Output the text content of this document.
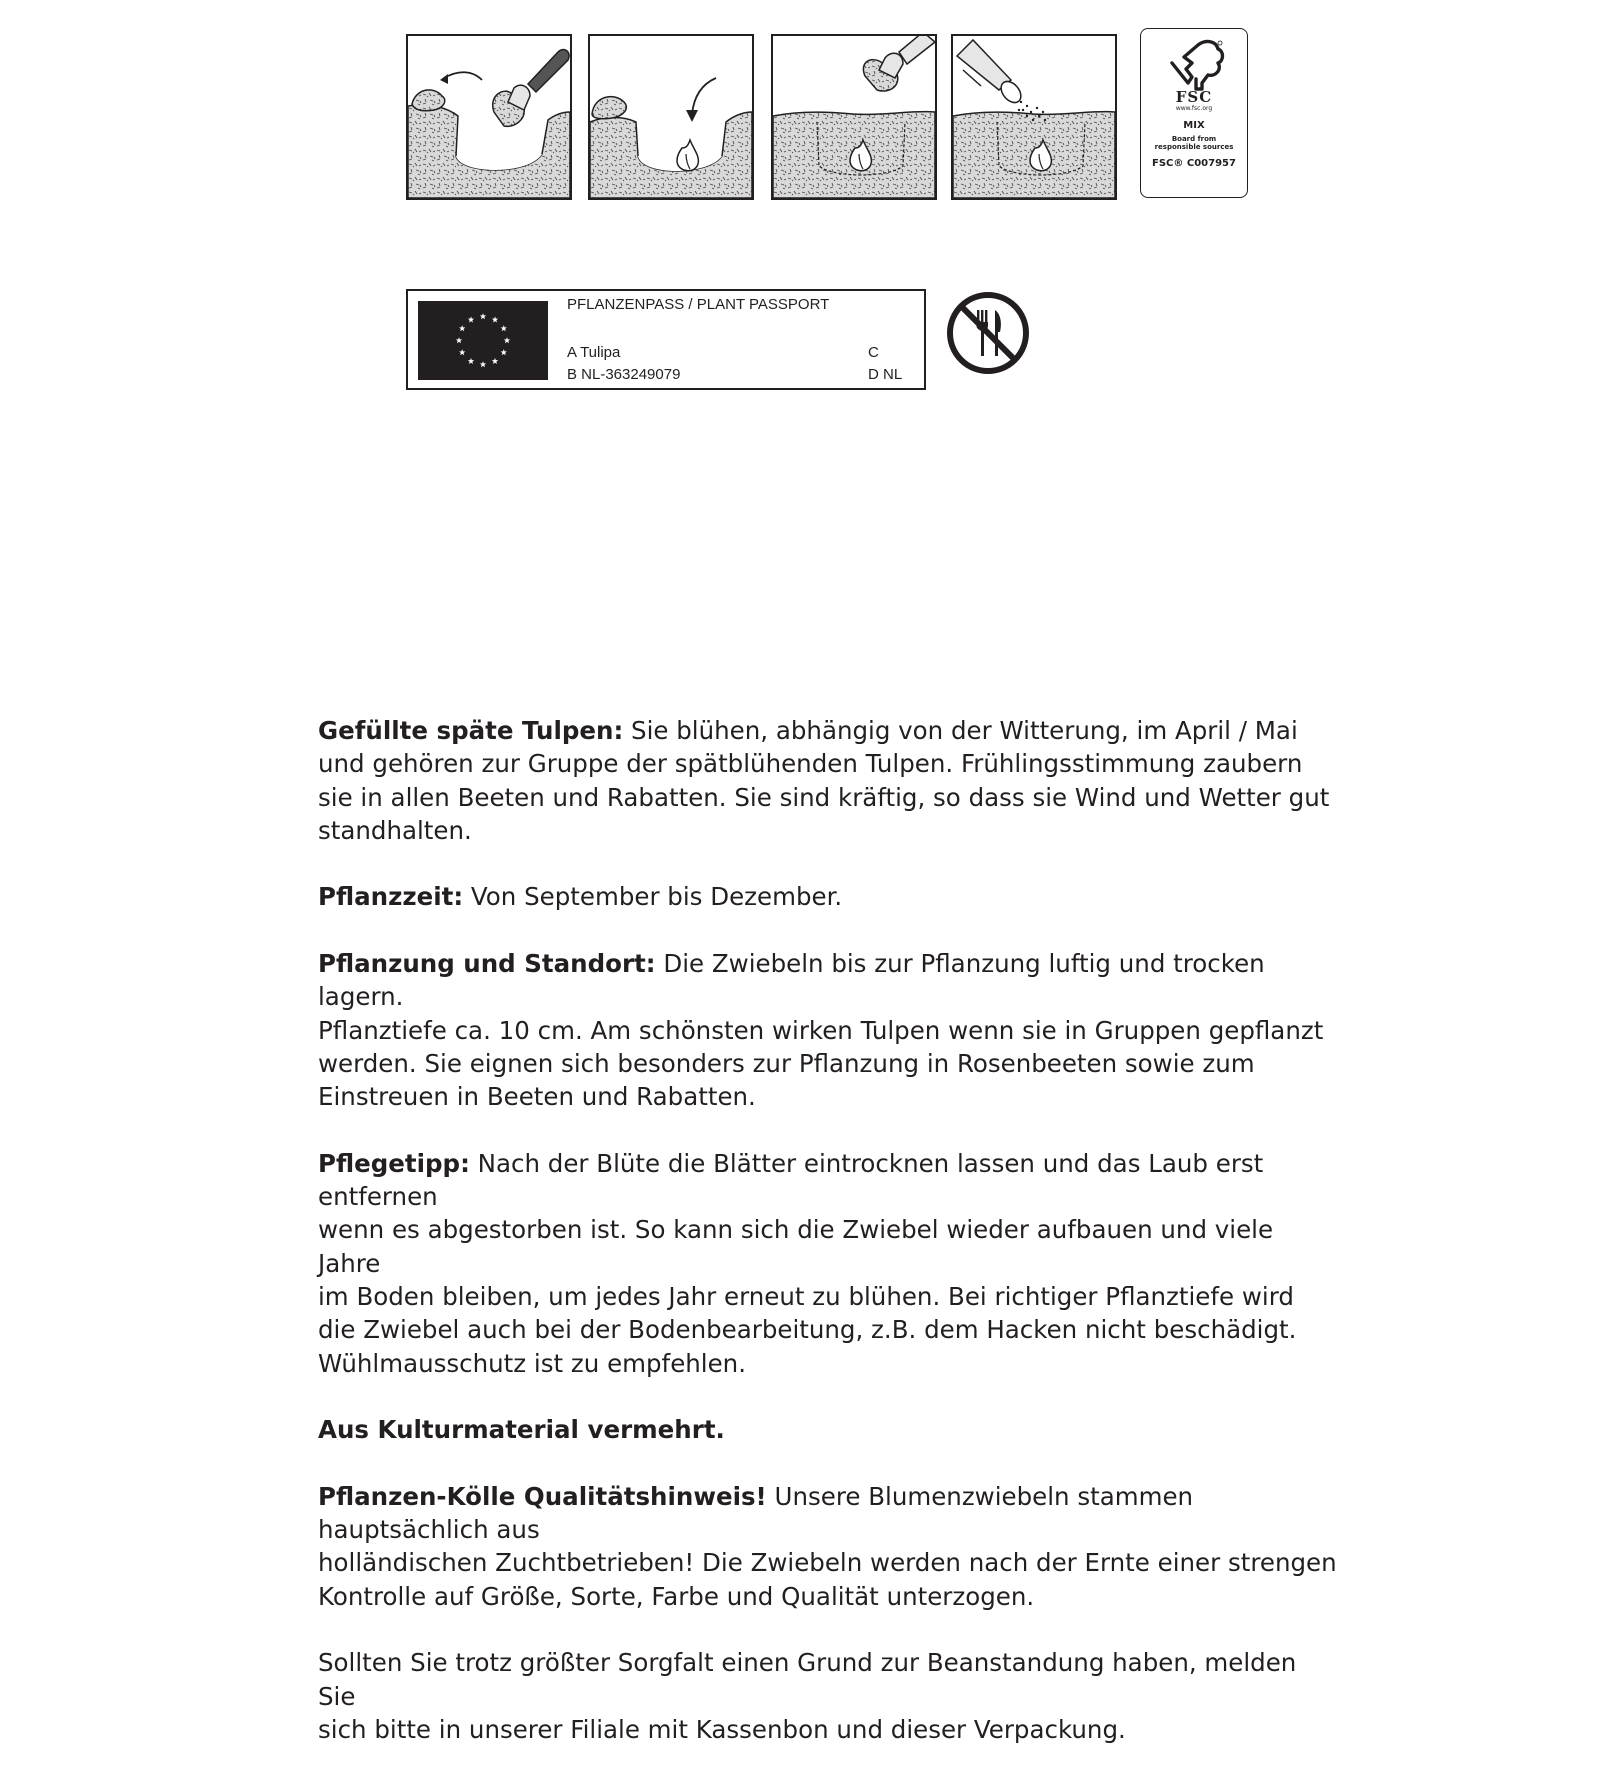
FSC
www.fsc.org
MIX
Board from
responsible sources
FSC® C007957
PFLANZENPASS / PLANT PASSPORT
A Tulipa
B NL-363249079
C
D NL

Gefüllte späte Tulpen: Sie blühen, abhängig von der Witterung, im April / Mai
und gehören zur Gruppe der spätblühenden Tulpen. Frühlingsstimmung zaubern
sie in allen Beeten und Rabatten. Sie sind kräftig, so dass sie Wind und Wetter gut
standhalten.

Pflanzzeit: Von September bis Dezember.

Pflanzung und Standort: Die Zwiebeln bis zur Pflanzung luftig und trocken lagern.
Pflanztiefe ca. 10 cm. Am schönsten wirken Tulpen wenn sie in Gruppen gepflanzt
werden. Sie eignen sich besonders zur Pflanzung in Rosenbeeten sowie zum
Einstreuen in Beeten und Rabatten.

Pflegetipp: Nach der Blüte die Blätter eintrocknen lassen und das Laub erst entfernen
wenn es abgestorben ist. So kann sich die Zwiebel wieder aufbauen und viele Jahre
im Boden bleiben, um jedes Jahr erneut zu blühen. Bei richtiger Pflanztiefe wird
die Zwiebel auch bei der Bodenbearbeitung, z.B. dem Hacken nicht beschädigt.
Wühlmausschutz ist zu empfehlen.

Aus Kulturmaterial vermehrt.

Pflanzen-Kölle Qualitätshinweis! Unsere Blumenzwiebeln stammen hauptsächlich aus
holländischen Zuchtbetrieben! Die Zwiebeln werden nach der Ernte einer strengen
Kontrolle auf Größe, Sorte, Farbe und Qualität unterzogen.

Sollten Sie trotz größter Sorgfalt einen Grund zur Beanstandung haben, melden Sie
sich bitte in unserer Filiale mit Kassenbon und dieser Verpackung.
